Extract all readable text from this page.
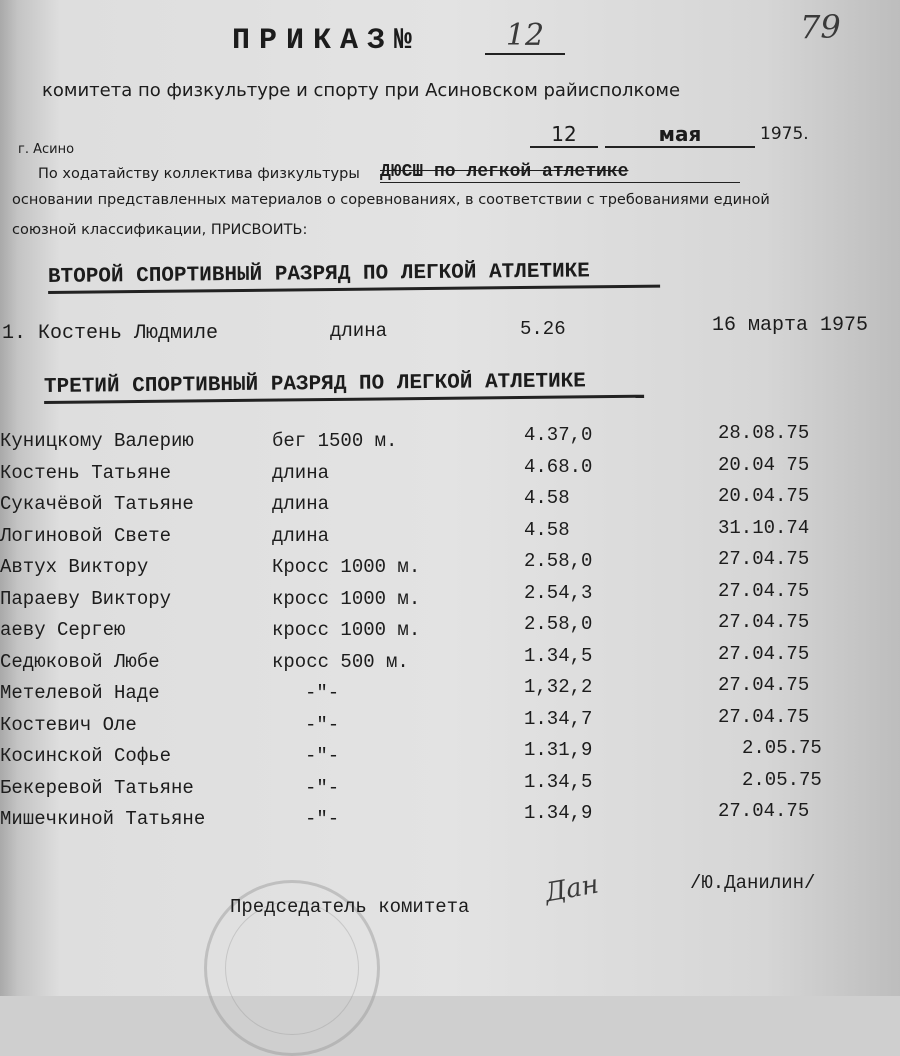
ПРИКАЗ№	12	79
комитета по физкультуре и спорту при Асиновском райисполкоме
г. Асино
12	мая	1975.
По ходатайству коллектива физкультуры ДЮСШ по легкой атлетике
основании представленных материалов о соревнованиях, в соответствии с требованиями единой
союзной классификации, ПРИСВОИТЬ:
ВТОРОЙ СПОРТИВНЫЙ РАЗРЯД ПО ЛЕГКОЙ АТЛЕТИКЕ
1. Костень Людмиле	длина	5.26	16 марта 1975
ТРЕТИЙ СПОРТИВНЫЙ РАЗРЯД ПО ЛЕГКОЙ АТЛЕТИКЕ
Куницкому Валерию	бег 1500 м.	4.37,0	28.08.75
Костень Татьяне	длина	4.68.0	20.04 75
Сукачёвой Татьяне	длина	4.58	20.04.75
Логиновой Свете	длина	4.58	31.10.74
Автух Виктору	Кросс 1000 м.	2.58,0	27.04.75
Параеву Виктору	кросс 1000 м.	2.54,3	27.04.75
аеву Сергею	кросс 1000 м.	2.58,0	27.04.75
Седюковой Любе	кросс 500 м.	1.34,5	27.04.75
Метелевой Наде	-"-	1,32,2	27.04.75
Костевич Оле	-"-	1.34,7	27.04.75
Косинской Софье	-"-	1.31,9	2.05.75
Бекеревой Татьяне	-"-	1.34,5	2.05.75
Мишечкиной Татьяне	-"-	1.34,9	27.04.75
Председатель комитета	Дан	/Ю.Данилин/
